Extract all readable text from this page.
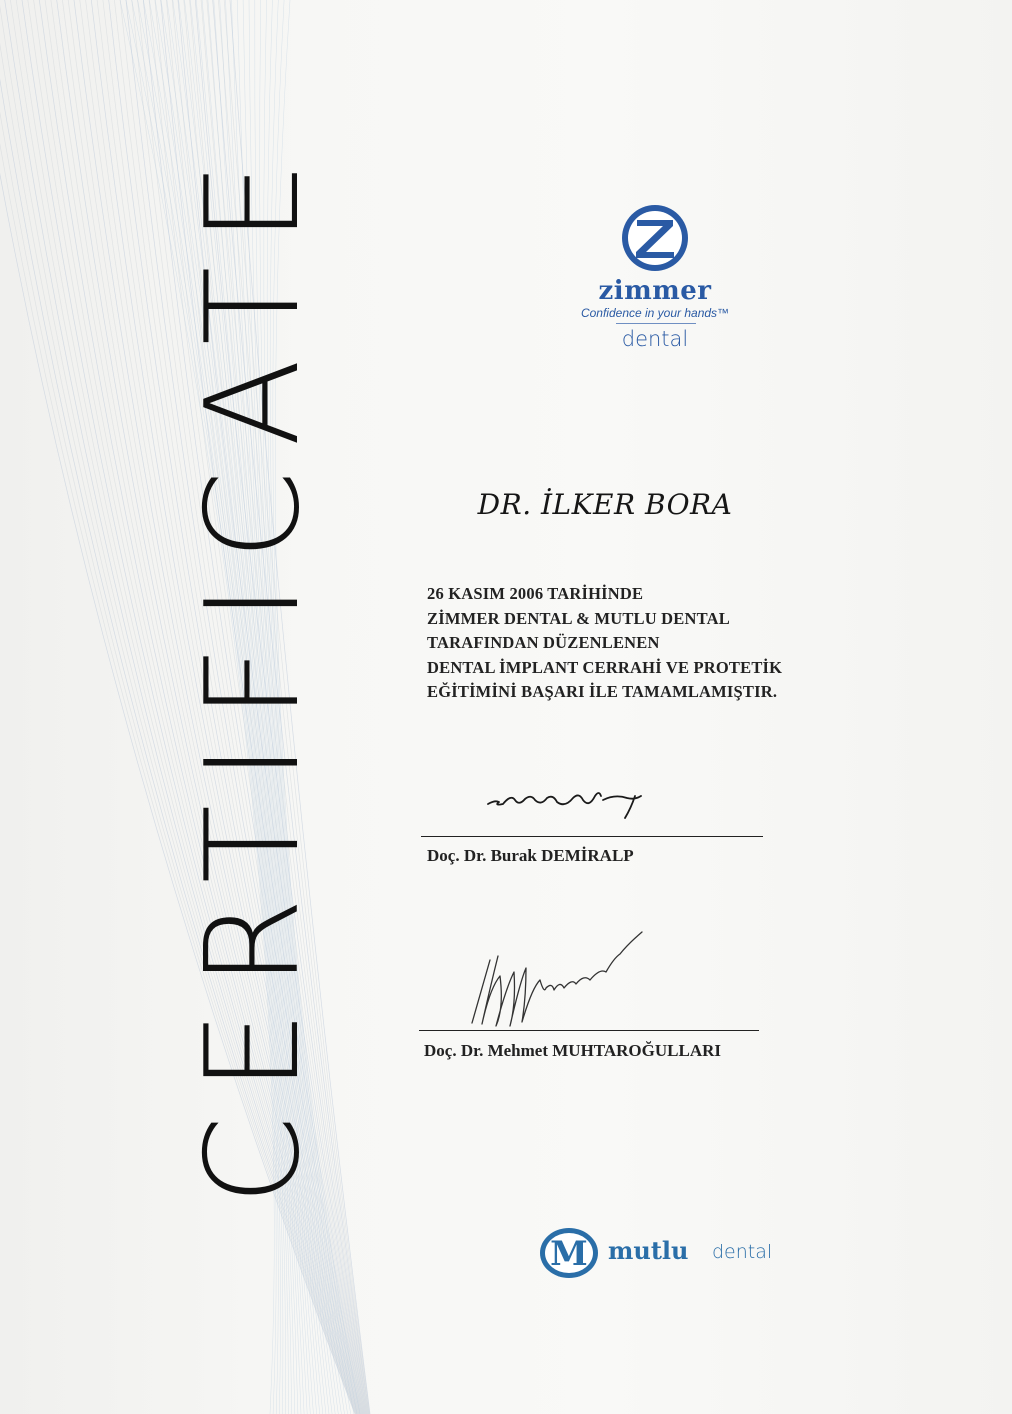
CERTIFICATE	zimmer
Confidence in your hands™
dental
DR. İLKER BORA
26 KASIM 2006 TARİHİNDE
ZİMMER DENTAL & MUTLU DENTAL
TARAFINDAN DÜZENLENEN
DENTAL İMPLANT CERRAHİ VE PROTETİK
EĞİTİMİNİ BAŞARI İLE TAMAMLAMIŞTIR.
Doç. Dr. Burak DEMİRALP
Doç. Dr. Mehmet MUHTAROĞULLARI
M mutlu dental
